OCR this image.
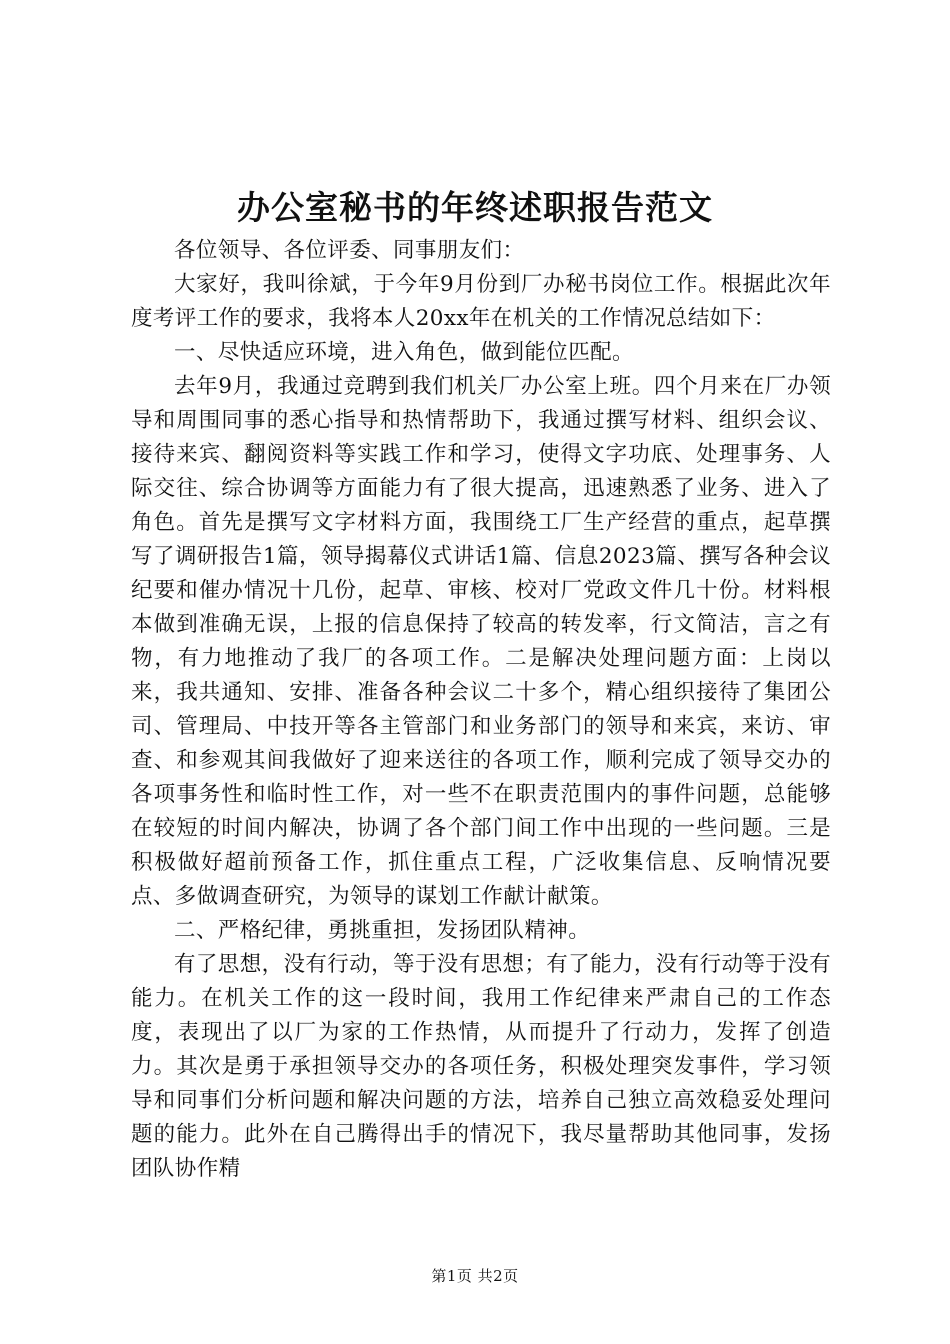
办公室秘书的年终述职报告范文

各位领导、各位评委、同事朋友们：

大家好，我叫徐斌，于今年9月份到厂办秘书岗位工作。根据此次年度考评工作的要求，我将本人20xx年在机关的工作情况总结如下：

一、尽快适应环境，进入角色，做到能位匹配。

去年9月，我通过竞聘到我们机关厂办公室上班。四个月来在厂办领导和周围同事的悉心指导和热情帮助下，我通过撰写材料、组织会议、接待来宾、翻阅资料等实践工作和学习，使得文字功底、处理事务、人际交往、综合协调等方面能力有了很大提高，迅速熟悉了业务、进入了角色。首先是撰写文字材料方面，我围绕工厂生产经营的重点，起草撰写了调研报告1篇，领导揭幕仪式讲话1篇、信息2023篇、撰写各种会议纪要和催办情况十几份，起草、审核、校对厂党政文件几十份。材料根本做到准确无误，上报的信息保持了较高的转发率，行文简洁，言之有物，有力地推动了我厂的各项工作。二是解决处理问题方面：上岗以来，我共通知、安排、准备各种会议二十多个，精心组织接待了集团公司、管理局、中技开等各主管部门和业务部门的领导和来宾，来访、审查、和参观其间我做好了迎来送往的各项工作，顺利完成了领导交办的各项事务性和临时性工作，对一些不在职责范围内的事件问题，总能够在较短的时间内解决，协调了各个部门间工作中出现的一些问题。三是积极做好超前预备工作，抓住重点工程，广泛收集信息、反响情况要点、多做调查研究，为领导的谋划工作献计献策。

二、严格纪律，勇挑重担，发扬团队精神。

有了思想，没有行动，等于没有思想；有了能力，没有行动等于没有能力。在机关工作的这一段时间，我用工作纪律来严肃自己的工作态度，表现出了以厂为家的工作热情，从而提升了行动力，发挥了创造力。其次是勇于承担领导交办的各项任务，积极处理突发事件，学习领导和同事们分析问题和解决问题的方法，培养自己独立高效稳妥处理问题的能力。此外在自己腾得出手的情况下，我尽量帮助其他同事，发扬团队协作精

第1页 共2页
